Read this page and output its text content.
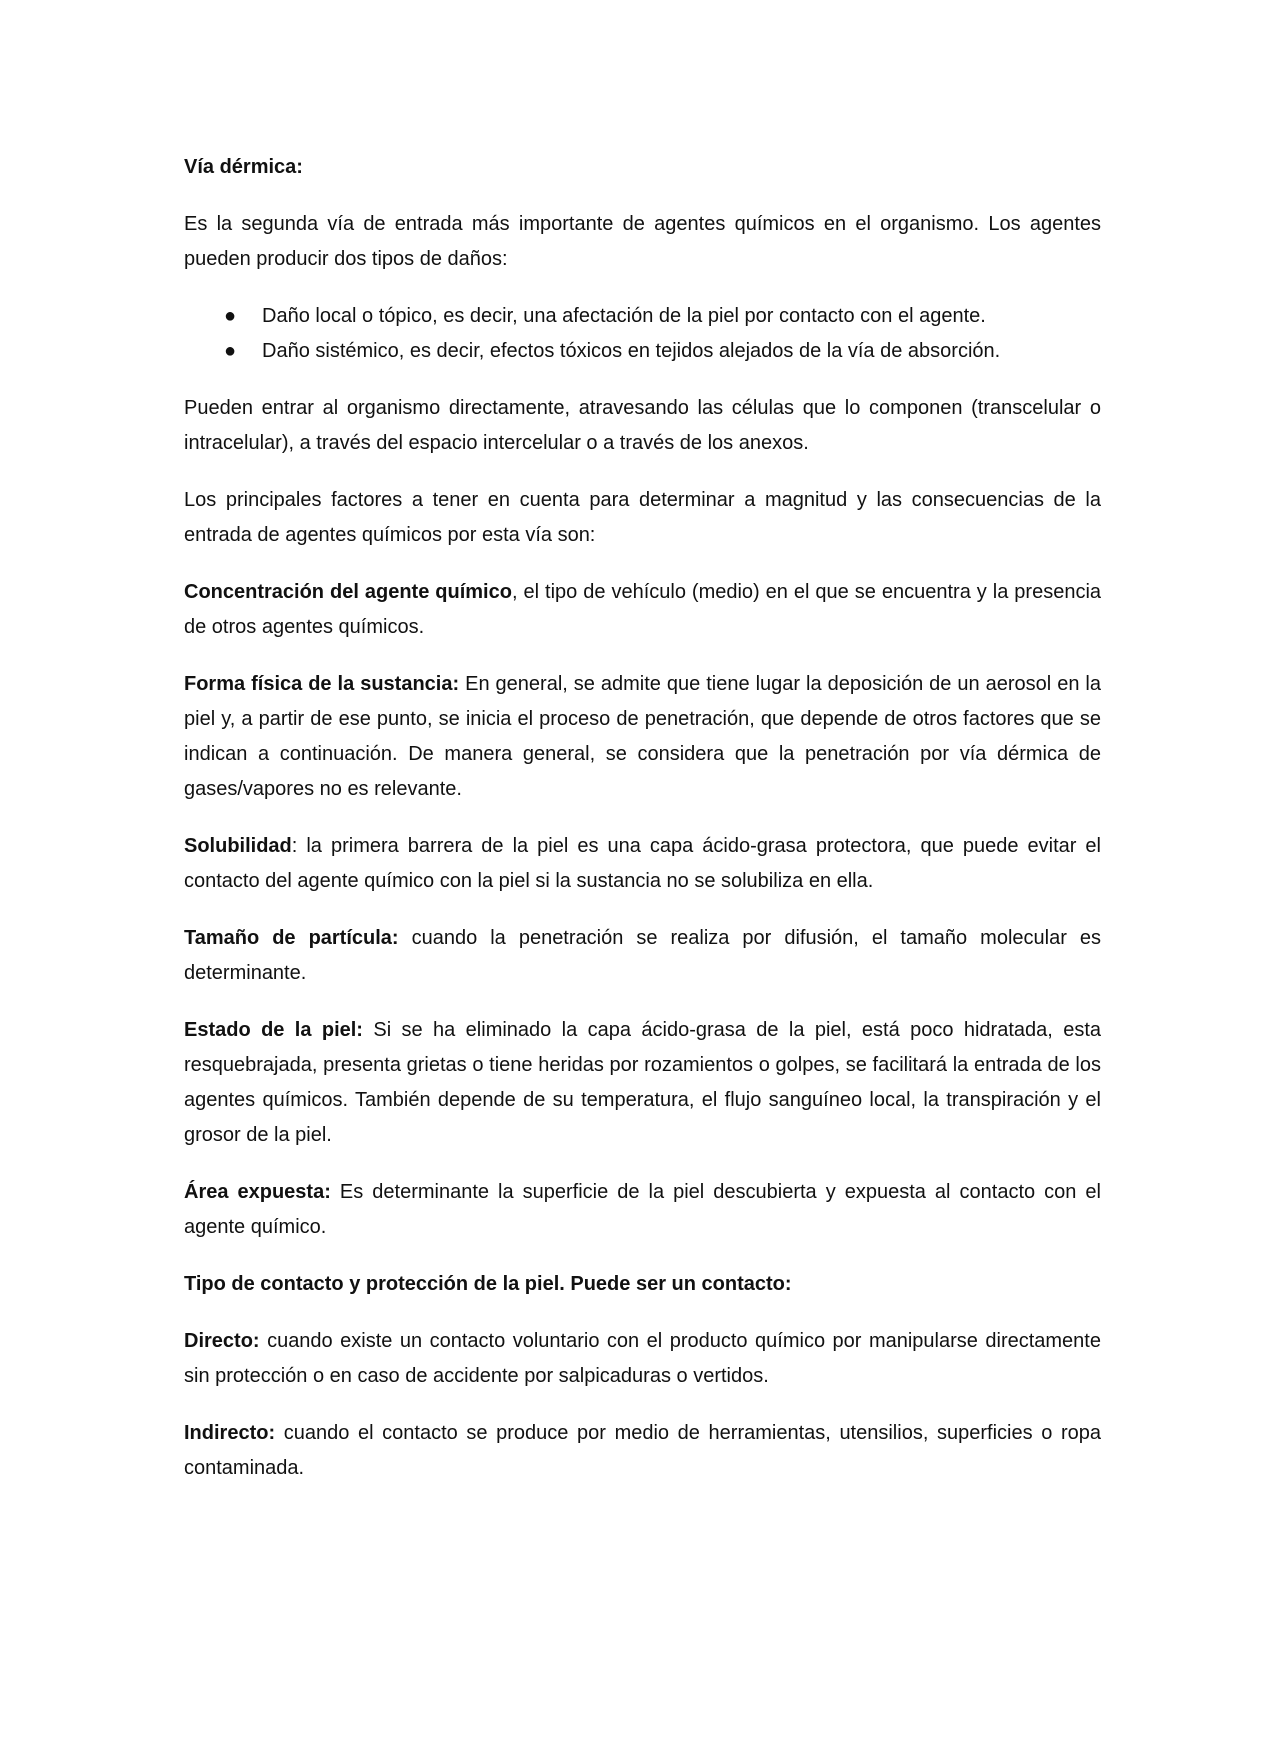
Vía dérmica:

Es la segunda vía de entrada más importante de agentes químicos en el organismo. Los agentes pueden producir dos tipos de daños:

● Daño local o tópico, es decir, una afectación de la piel por contacto con el agente.
● Daño sistémico, es decir, efectos tóxicos en tejidos alejados de la vía de absorción.

Pueden entrar al organismo directamente, atravesando las células que lo componen (transcelular o intracelular), a través del espacio intercelular o a través de los anexos.

Los principales factores a tener en cuenta para determinar a magnitud y las consecuencias de la entrada de agentes químicos por esta vía son:

Concentración del agente químico, el tipo de vehículo (medio) en el que se encuentra y la presencia de otros agentes químicos.

Forma física de la sustancia: En general, se admite que tiene lugar la deposición de un aerosol en la piel y, a partir de ese punto, se inicia el proceso de penetración, que depende de otros factores que se indican a continuación. De manera general, se considera que la penetración por vía dérmica de gases/vapores no es relevante.

Solubilidad: la primera barrera de la piel es una capa ácido-grasa protectora, que puede evitar el contacto del agente químico con la piel si la sustancia no se solubiliza en ella.

Tamaño de partícula: cuando la penetración se realiza por difusión, el tamaño molecular es determinante.

Estado de la piel: Si se ha eliminado la capa ácido-grasa de la piel, está poco hidratada, esta resquebrajada, presenta grietas o tiene heridas por rozamientos o golpes, se facilitará la entrada de los agentes químicos. También depende de su temperatura, el flujo sanguíneo local, la transpiración y el grosor de la piel.

Área expuesta: Es determinante la superficie de la piel descubierta y expuesta al contacto con el agente químico.

Tipo de contacto y protección de la piel. Puede ser un contacto:

Directo: cuando existe un contacto voluntario con el producto químico por manipularse directamente sin protección o en caso de accidente por salpicaduras o vertidos.

Indirecto: cuando el contacto se produce por medio de herramientas, utensilios, superficies o ropa contaminada.
